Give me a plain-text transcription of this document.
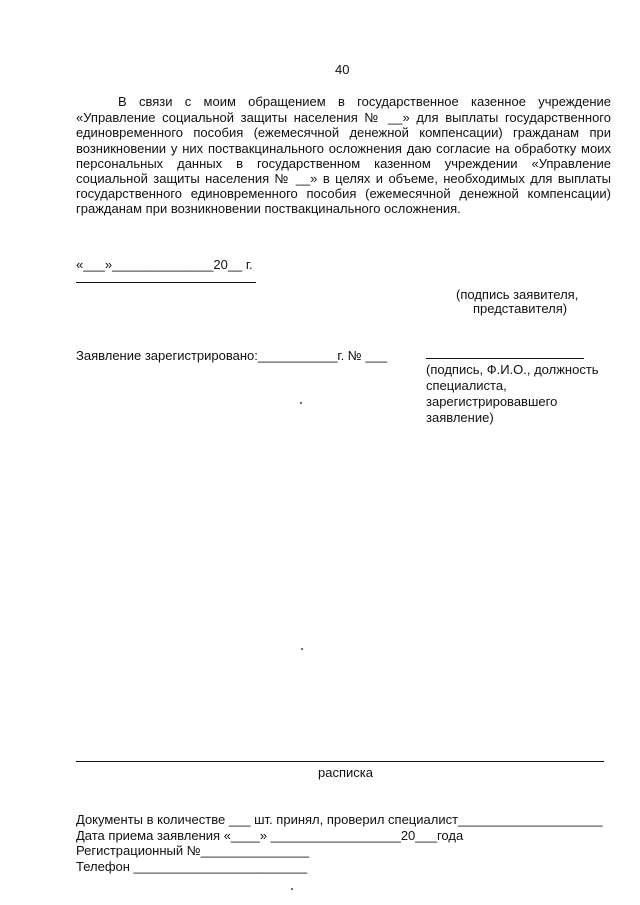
40
В связи с моим обращением в государственное казенное учреждение
«Управление социальной защиты населения № __» для выплаты государственного
единовременного пособия (ежемесячной денежной компенсации) гражданам при
возникновении у них поствакцинального осложнения даю согласие на обработку моих
персональных данных в государственном казенном учреждении «Управление
социальной защиты населения № __» в целях и объеме, необходимых для выплаты
государственного единовременного пособия (ежемесячной денежной компенсации)
гражданам при возникновении поствакцинального осложнения.
«___»______________20__ г.
(подпись заявителя,
представителя)
Заявление зарегистрировано:___________г. № ___
(подпись, Ф.И.О., должность
специалиста,
зарегистрировавшего
заявление)
расписка
Документы в количестве ___ шт. принял, проверил специалист____________________
Дата приема заявления «____» __________________20___года
Регистрационный №_______________
Телефон ________________________
